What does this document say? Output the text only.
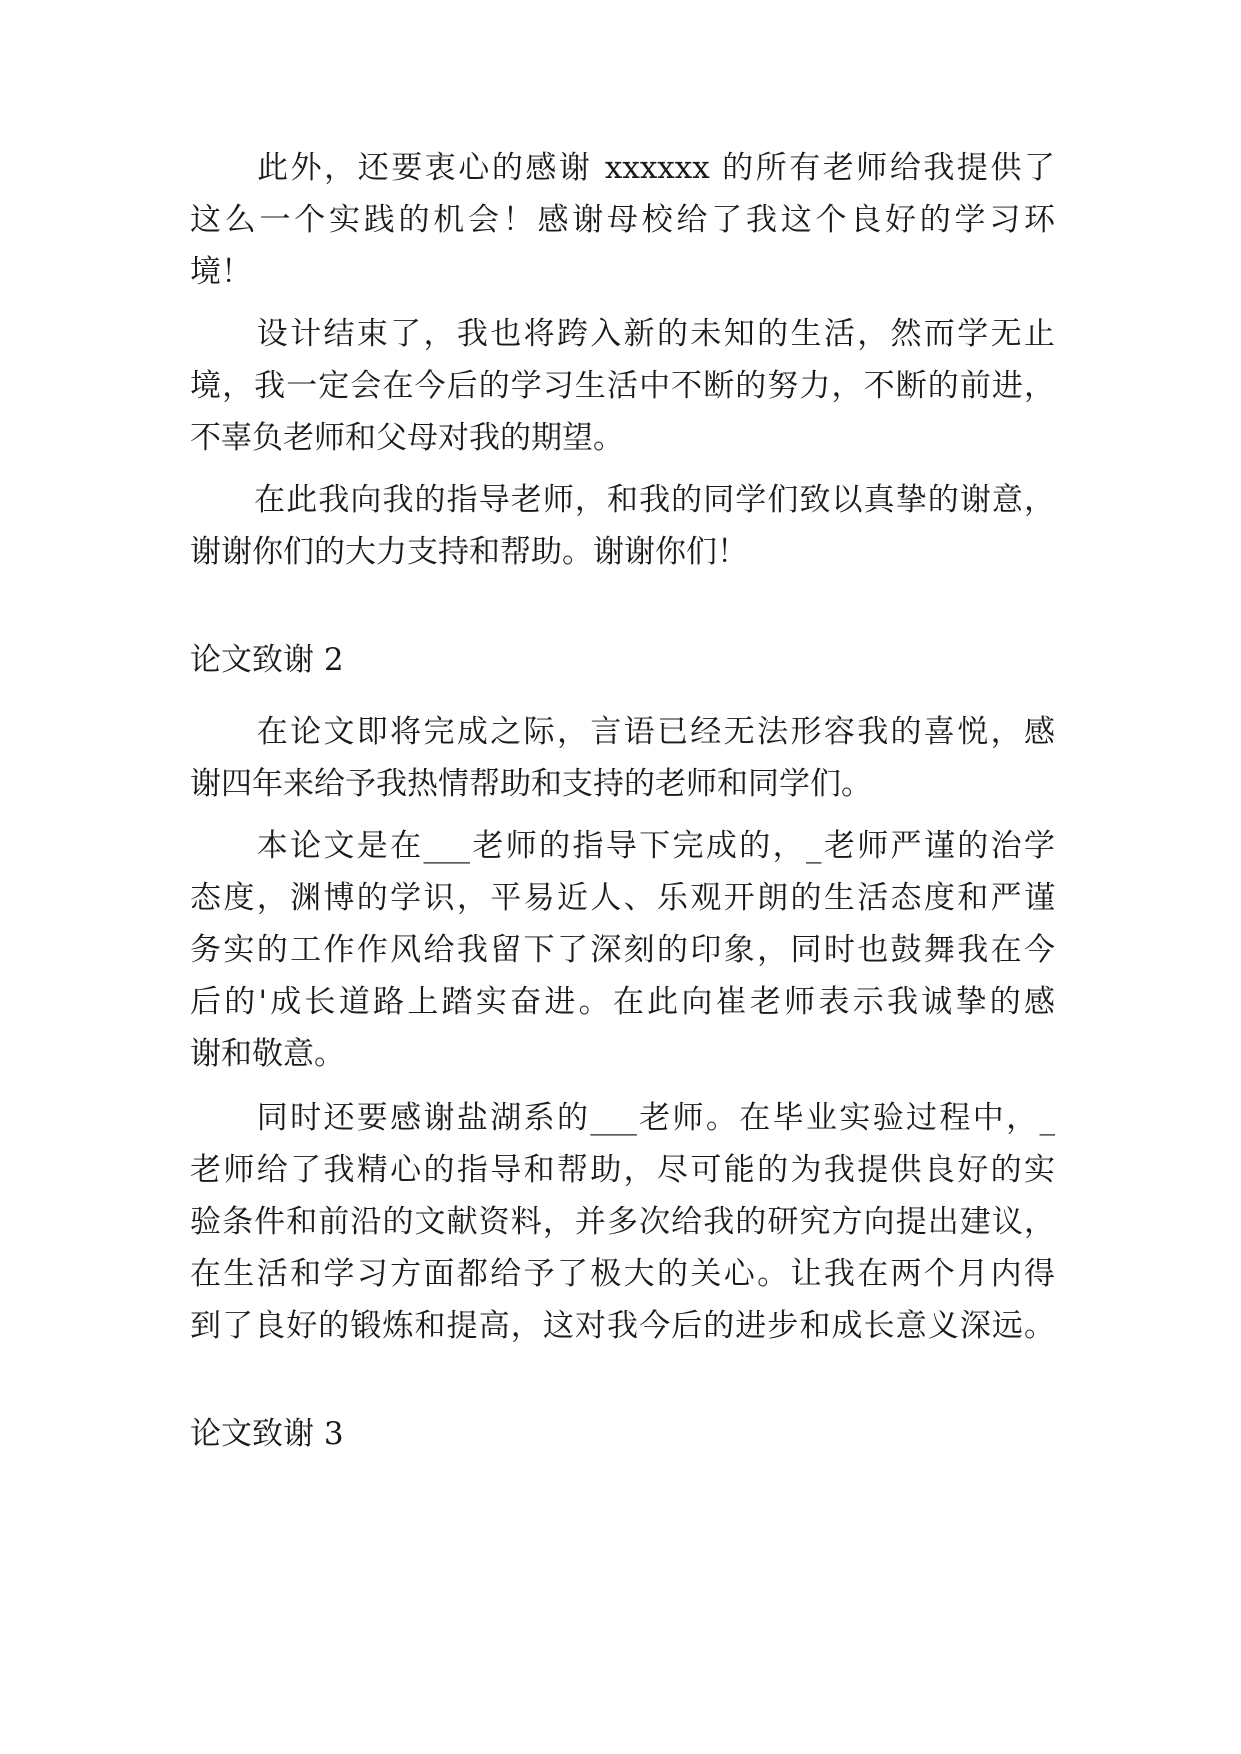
　　此外，还要衷心的感谢 xxxxxx 的所有老师给我提供了

这么一个实践的机会！感谢母校给了我这个良好的学习环

境！

　　设计结束了，我也将跨入新的未知的生活，然而学无止

境，我一定会在今后的学习生活中不断的努力，不断的前进，

不辜负老师和父母对我的期望。

　　在此我向我的指导老师，和我的同学们致以真挚的谢意，

谢谢你们的大力支持和帮助。谢谢你们！

论文致谢 2

　　在论文即将完成之际，言语已经无法形容我的喜悦，感

谢四年来给予我热情帮助和支持的老师和同学们。

　　本论文是在___老师的指导下完成的，_老师严谨的治学

态度，渊博的学识，平易近人、乐观开朗的生活态度和严谨

务实的工作作风给我留下了深刻的印象，同时也鼓舞我在今

后的'成长道路上踏实奋进。在此向崔老师表示我诚挚的感

谢和敬意。

　　同时还要感谢盐湖系的___老师。在毕业实验过程中，_

老师给了我精心的指导和帮助，尽可能的为我提供良好的实

验条件和前沿的文献资料，并多次给我的研究方向提出建议，

在生活和学习方面都给予了极大的关心。让我在两个月内得

到了良好的锻炼和提高，这对我今后的进步和成长意义深远。

论文致谢 3
